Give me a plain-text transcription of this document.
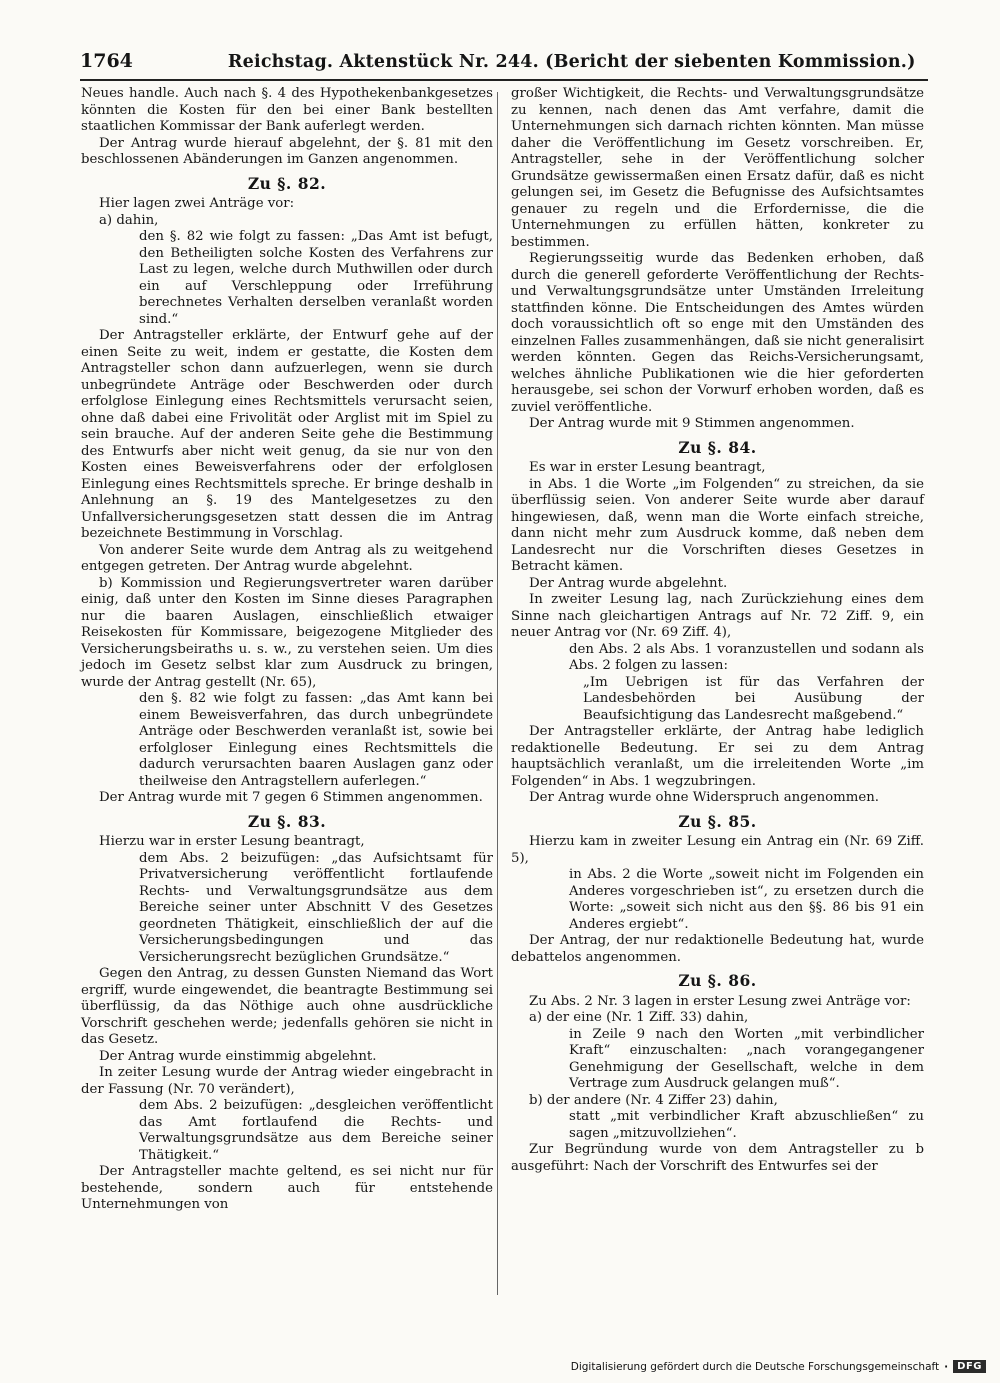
1764	Reichstag. Aktenstück Nr. 244. (Bericht der siebenten Kommission.)

Neues handle. Auch nach §. 4 des Hypothekenbankgesetzes könnten die Kosten für den bei einer Bank bestellten staatlichen Kommissar der Bank auferlegt werden.

Der Antrag wurde hierauf abgelehnt, der §. 81 mit den beschlossenen Abänderungen im Ganzen angenommen.

Zu §. 82.

Hier lagen zwei Anträge vor:

a) dahin,

den §. 82 wie folgt zu fassen: „Das Amt ist befugt, den Betheiligten solche Kosten des Verfahrens zur Last zu legen, welche durch Muthwillen oder durch ein auf Verschleppung oder Irreführung berechnetes Verhalten derselben veranlaßt worden sind.“

Der Antragsteller erklärte, der Entwurf gehe auf der einen Seite zu weit, indem er gestatte, die Kosten dem Antragsteller schon dann aufzuerlegen, wenn sie durch unbegründete Anträge oder Beschwerden oder durch erfolglose Einlegung eines Rechtsmittels verursacht seien, ohne daß dabei eine Frivolität oder Arglist mit im Spiel zu sein brauche. Auf der anderen Seite gehe die Bestimmung des Entwurfs aber nicht weit genug, da sie nur von den Kosten eines Beweisverfahrens oder der erfolglosen Einlegung eines Rechtsmittels spreche. Er bringe deshalb in Anlehnung an §. 19 des Mantelgesetzes zu den Unfallversicherungsgesetzen statt dessen die im Antrag bezeichnete Bestimmung in Vorschlag.

Von anderer Seite wurde dem Antrag als zu weitgehend entgegen getreten. Der Antrag wurde abgelehnt.

b) Kommission und Regierungsvertreter waren darüber einig, daß unter den Kosten im Sinne dieses Paragraphen nur die baaren Auslagen, einschließlich etwaiger Reisekosten für Kommissare, beigezogene Mitglieder des Versicherungsbeiraths u. s. w., zu verstehen seien. Um dies jedoch im Gesetz selbst klar zum Ausdruck zu bringen, wurde der Antrag gestellt (Nr. 65),

den §. 82 wie folgt zu fassen: „das Amt kann bei einem Beweisverfahren, das durch unbegründete Anträge oder Beschwerden veranlaßt ist, sowie bei erfolgloser Einlegung eines Rechtsmittels die dadurch verursachten baaren Auslagen ganz oder theilweise den Antragstellern auferlegen.“

Der Antrag wurde mit 7 gegen 6 Stimmen angenommen.

Zu §. 83.

Hierzu war in erster Lesung beantragt,

dem Abs. 2 beizufügen: „das Aufsichtsamt für Privatversicherung veröffentlicht fortlaufende Rechts- und Verwaltungsgrundsätze aus dem Bereiche seiner unter Abschnitt V des Gesetzes geordneten Thätigkeit, einschließlich der auf die Versicherungsbedingungen und das Versicherungsrecht bezüglichen Grundsätze.“

Gegen den Antrag, zu dessen Gunsten Niemand das Wort ergriff, wurde eingewendet, die beantragte Bestimmung sei überflüssig, da das Nöthige auch ohne ausdrückliche Vorschrift geschehen werde; jedenfalls gehören sie nicht in das Gesetz.

Der Antrag wurde einstimmig abgelehnt.

In zeiter Lesung wurde der Antrag wieder eingebracht in der Fassung (Nr. 70 verändert),

dem Abs. 2 beizufügen: „desgleichen veröffentlicht das Amt fortlaufend die Rechts- und Verwaltungsgrundsätze aus dem Bereiche seiner Thätigkeit.“

Der Antragsteller machte geltend, es sei nicht nur für bestehende, sondern auch für entstehende Unternehmungen von

großer Wichtigkeit, die Rechts- und Verwaltungsgrundsätze zu kennen, nach denen das Amt verfahre, damit die Unternehmungen sich darnach richten könnten. Man müsse daher die Veröffentlichung im Gesetz vorschreiben. Er, Antragsteller, sehe in der Veröffentlichung solcher Grundsätze gewissermaßen einen Ersatz dafür, daß es nicht gelungen sei, im Gesetz die Befugnisse des Aufsichtsamtes genauer zu regeln und die Erfordernisse, die die Unternehmungen zu erfüllen hätten, konkreter zu bestimmen.

Regierungsseitig wurde das Bedenken erhoben, daß durch die generell geforderte Veröffentlichung der Rechts- und Verwaltungsgrundsätze unter Umständen Irreleitung stattfinden könne. Die Entscheidungen des Amtes würden doch voraussichtlich oft so enge mit den Umständen des einzelnen Falles zusammenhängen, daß sie nicht generalisirt werden könnten. Gegen das Reichs-Versicherungsamt, welches ähnliche Publikationen wie die hier geforderten herausgebe, sei schon der Vorwurf erhoben worden, daß es zuviel veröffentliche.

Der Antrag wurde mit 9 Stimmen angenommen.

Zu §. 84.

Es war in erster Lesung beantragt,

in Abs. 1 die Worte „im Folgenden“ zu streichen, da sie überflüssig seien. Von anderer Seite wurde aber darauf hingewiesen, daß, wenn man die Worte einfach streiche, dann nicht mehr zum Ausdruck komme, daß neben dem Landesrecht nur die Vorschriften dieses Gesetzes in Betracht kämen.

Der Antrag wurde abgelehnt.

In zweiter Lesung lag, nach Zurückziehung eines dem Sinne nach gleichartigen Antrags auf Nr. 72 Ziff. 9, ein neuer Antrag vor (Nr. 69 Ziff. 4),

den Abs. 2 als Abs. 1 voranzustellen und sodann als Abs. 2 folgen zu lassen:

„Im Uebrigen ist für das Verfahren der Landesbehörden bei Ausübung der Beaufsichtigung das Landesrecht maßgebend.“

Der Antragsteller erklärte, der Antrag habe lediglich redaktionelle Bedeutung. Er sei zu dem Antrag hauptsächlich veranlaßt, um die irreleitenden Worte „im Folgenden“ in Abs. 1 wegzubringen.

Der Antrag wurde ohne Widerspruch angenommen.

Zu §. 85.

Hierzu kam in zweiter Lesung ein Antrag ein (Nr. 69 Ziff. 5),

in Abs. 2 die Worte „soweit nicht im Folgenden ein Anderes vorgeschrieben ist“, zu ersetzen durch die Worte: „soweit sich nicht aus den §§. 86 bis 91 ein Anderes ergiebt“.

Der Antrag, der nur redaktionelle Bedeutung hat, wurde debattelos angenommen.

Zu §. 86.

Zu Abs. 2 Nr. 3 lagen in erster Lesung zwei Anträge vor:

a) der eine (Nr. 1 Ziff. 33) dahin,

in Zeile 9 nach den Worten „mit verbindlicher Kraft“ einzuschalten: „nach vorangegangener Genehmigung der Gesellschaft, welche in dem Vertrage zum Ausdruck gelangen muß“.

b) der andere (Nr. 4 Ziffer 23) dahin,

statt „mit verbindlicher Kraft abzuschließen“ zu sagen „mitzuvollziehen“.

Zur Begründung wurde von dem Antragsteller zu b ausgeführt: Nach der Vorschrift des Entwurfes sei der

Digitalisierung gefördert durch die Deutsche Forschungsgemeinschaft · DFG
